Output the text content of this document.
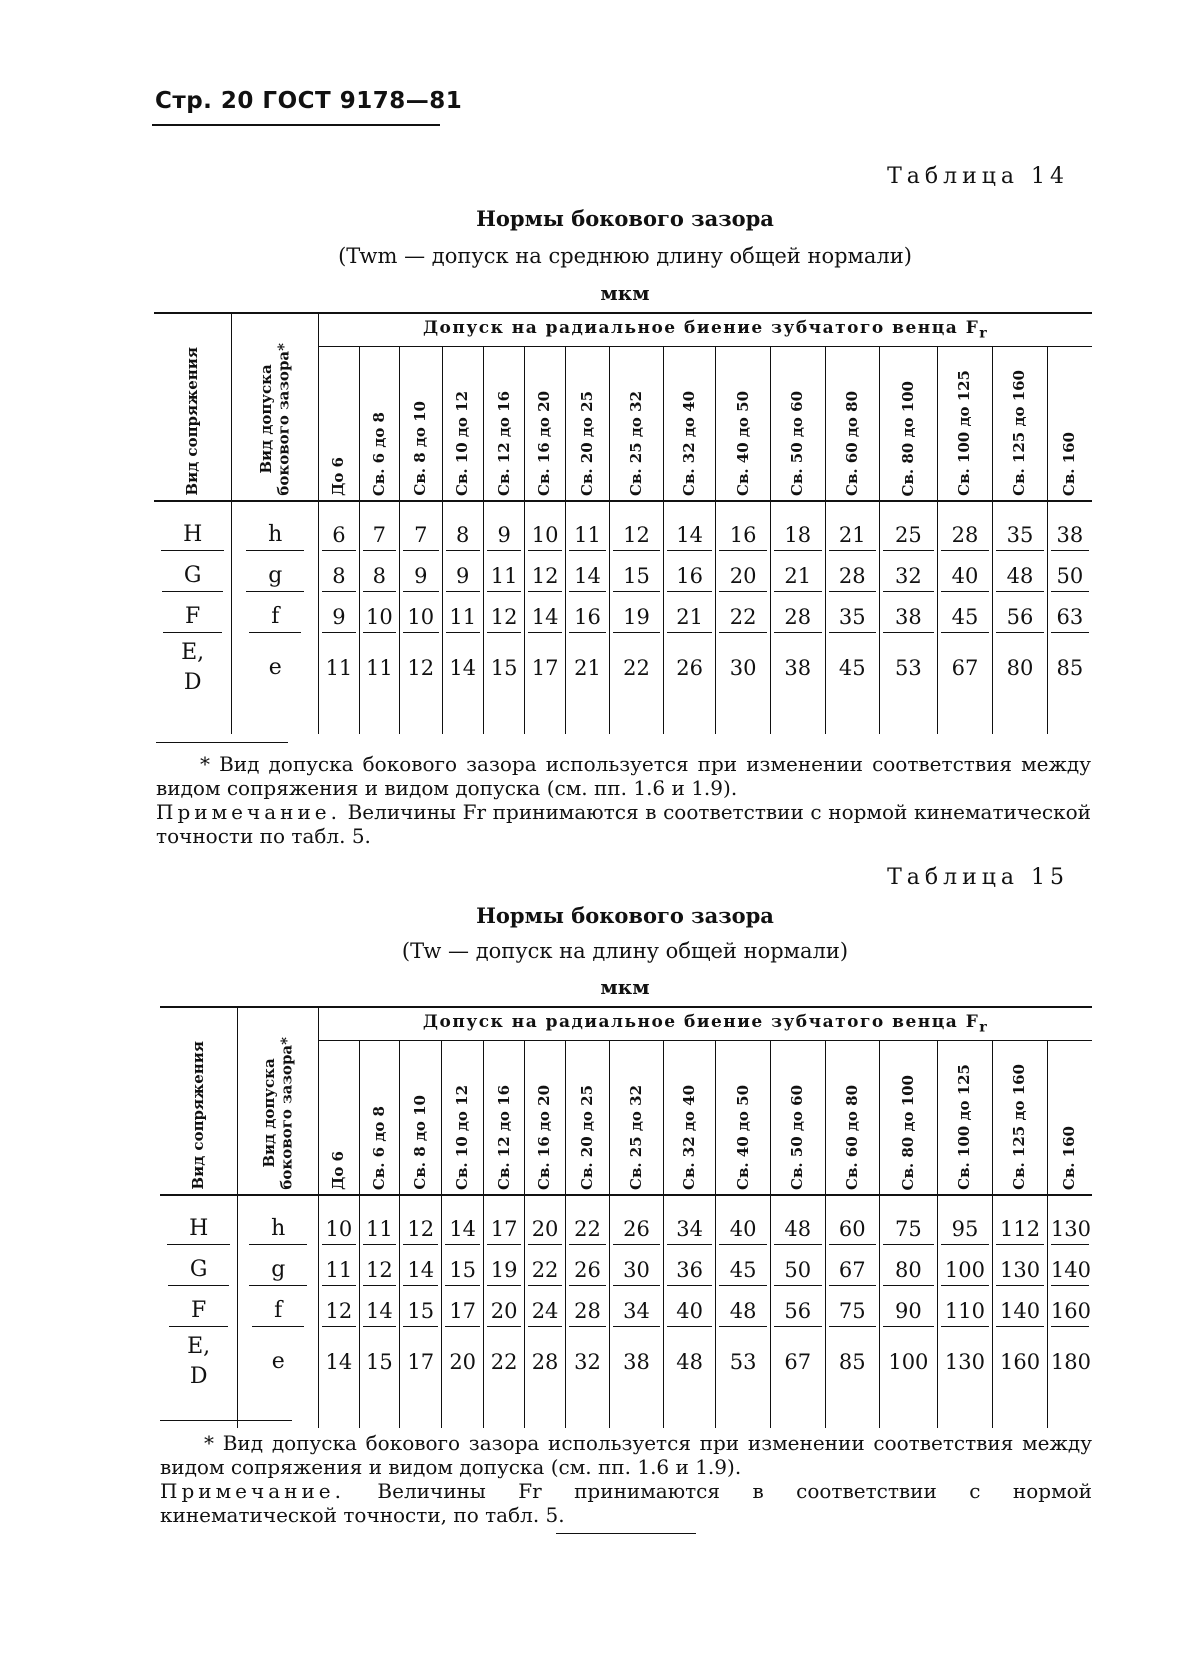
Стр. 20 ГОСТ 9178—81
Таблица 14
Нормы бокового зазора
(Twm — допуск на среднюю длину общей нормали)
мкм
Вид сопряжения	Вид допуска
бокового зазора*	Допуск на радиальное биение зубчатого венца $F_r$
		До 6	Св. 6 до 8	Св. 8 до 10	Св. 10 до 12	Св. 12 до 16	Св. 16 до 20	Св. 20 до 25	Св. 25 до 32	Св. 32 до 40	Св. 40 до 50	Св. 50 до 60	Св. 60 до 80	Св. 80 до 100	Св. 100 до 125	Св. 125 до 160	Св. 160

H	h	6	7	7	8	9	10	11	12	14	16	18	21	25	28	35	38

G	g	8	8	9	9	11	12	14	15	16	20	21	28	32	40	48	50

F	f	9	10	10	11	12	14	16	19	21	22	28	35	38	45	56	63

E, D	e	11	11	12	14	15	17	21	22	26	30	38	45	53	67	80	85

* Вид допуска бокового зазора используется при изменении соответствия между видом сопряжения и видом допуска (см. пп. 1.6 и 1.9).
Примечание. Величины Fr принимаются в соответствии с нормой кинематической точности по табл. 5.
Таблица 15
Нормы бокового зазора
(Tw — допуск на длину общей нормали)
мкм
Вид сопряжения	Вид допуска
бокового зазора*	Допуск на радиальное биение зубчатого венца $F_r$
		До 6	Св. 6 до 8	Св. 8 до 10	Св. 10 до 12	Св. 12 до 16	Св. 16 до 20	Св. 20 до 25	Св. 25 до 32	Св. 32 до 40	Св. 40 до 50	Св. 50 до 60	Св. 60 до 80	Св. 80 до 100	Св. 100 до 125	Св. 125 до 160	Св. 160

H	h	10	11	12	14	17	20	22	26	34	40	48	60	75	95	112	130

G	g	11	12	14	15	19	22	26	30	36	45	50	67	80	100	130	140

F	f	12	14	15	17	20	24	28	34	40	48	56	75	90	110	140	160

E, D	e	14	15	17	20	22	28	32	38	48	53	67	85	100	130	160	180

* Вид допуска бокового зазора используется при изменении соответствия между видом сопряжения и видом допуска (см. пп. 1.6 и 1.9).
Примечание. Величины Fr принимаются в соответствии с нормой кинематической точности, по табл. 5.
